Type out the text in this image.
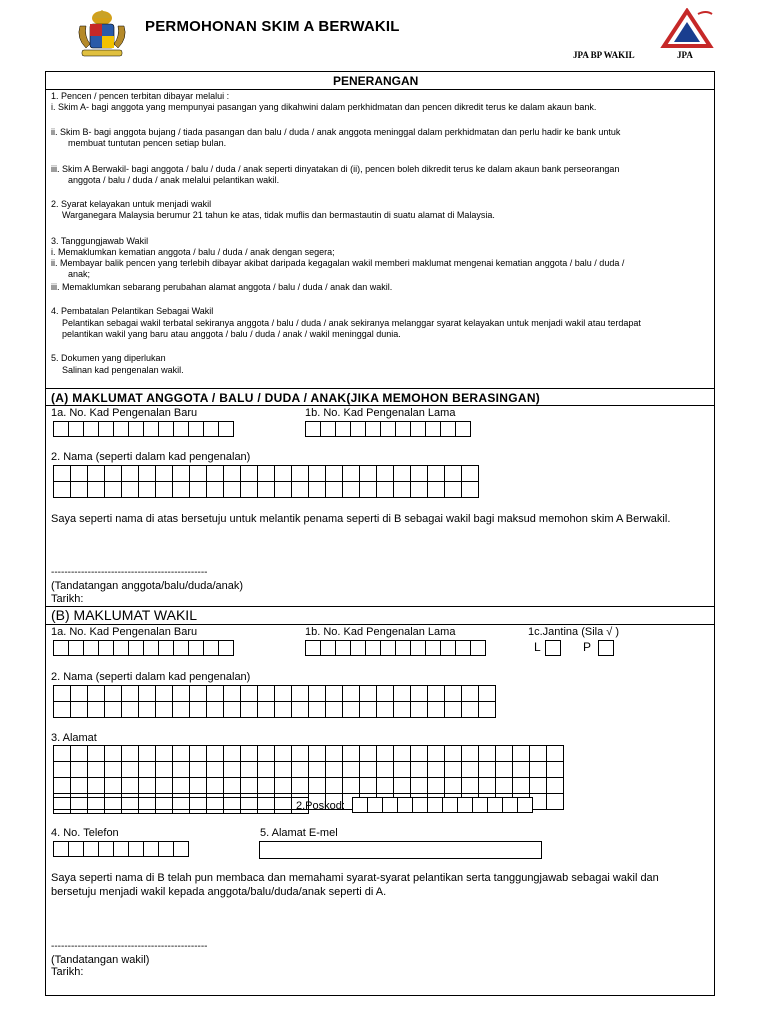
PERMOHONAN SKIM A BERWAKIL
JPA BP WAKIL	JPA
PENERANGAN
1. Pencen / pencen terbitan dibayar melalui :
i. Skim A- bagi anggota yang mempunyai pasangan yang dikahwini dalam perkhidmatan dan pencen dikredit terus ke dalam akaun bank.
ii. Skim B- bagi anggota bujang / tiada pasangan dan balu / duda / anak anggota meninggal dalam perkhidmatan dan perlu hadir ke bank untuk
membuat tuntutan pencen setiap bulan.
iii. Skim A Berwakil- bagi anggota / balu / duda / anak seperti dinyatakan di (ii), pencen boleh dikredit terus ke dalam akaun bank perseorangan
anggota / balu / duda / anak melalui pelantikan wakil.
2. Syarat kelayakan untuk menjadi wakil
Warganegara Malaysia berumur 21 tahun ke atas, tidak muflis dan bermastautin di suatu alamat di Malaysia.
3. Tanggungjawab Wakil
i. Memaklumkan kematian anggota / balu / duda / anak dengan segera;
ii. Membayar balik pencen yang terlebih dibayar akibat daripada kegagalan wakil memberi maklumat mengenai kematian anggota / balu / duda /
anak;
iii. Memaklumkan sebarang perubahan alamat anggota / balu / duda / anak dan wakil.
4. Pembatalan Pelantikan Sebagai Wakil
Pelantikan sebagai wakil terbatal sekiranya anggota / balu / duda / anak sekiranya melanggar syarat kelayakan untuk menjadi wakil atau terdapat
pelantikan wakil yang baru atau anggota / balu / duda / anak / wakil meninggal dunia.
5. Dokumen yang diperlukan
Salinan kad pengenalan wakil.
(A) MAKLUMAT ANGGOTA / BALU / DUDA / ANAK(JIKA MEMOHON BERASINGAN)
1a. No. Kad Pengenalan Baru	1b. No. Kad Pengenalan Lama
2. Nama (seperti dalam kad pengenalan)

Saya seperti nama di atas bersetuju untuk melantik penama seperti di B sebagai wakil bagi maksud memohon skim A Berwakil.
-----------------------------------------------
(Tandatangan anggota/balu/duda/anak)
Tarikh:
(B) MAKLUMAT WAKIL
1a. No. Kad Pengenalan Baru	1b. No. Kad Pengenalan Lama	1c.Jantina (Sila √ )
L	P
2. Nama (seperti dalam kad pengenalan)

3. Alamat

2.Poskod:
4. No. Telefon	5. Alamat E-mel
Saya seperti nama di B telah pun membaca dan memahami syarat-syarat pelantikan serta tanggungjawab sebagai wakil dan
bersetuju menjadi wakil kepada anggota/balu/duda/anak seperti di A.
-----------------------------------------------
(Tandatangan wakil)
Tarikh:
